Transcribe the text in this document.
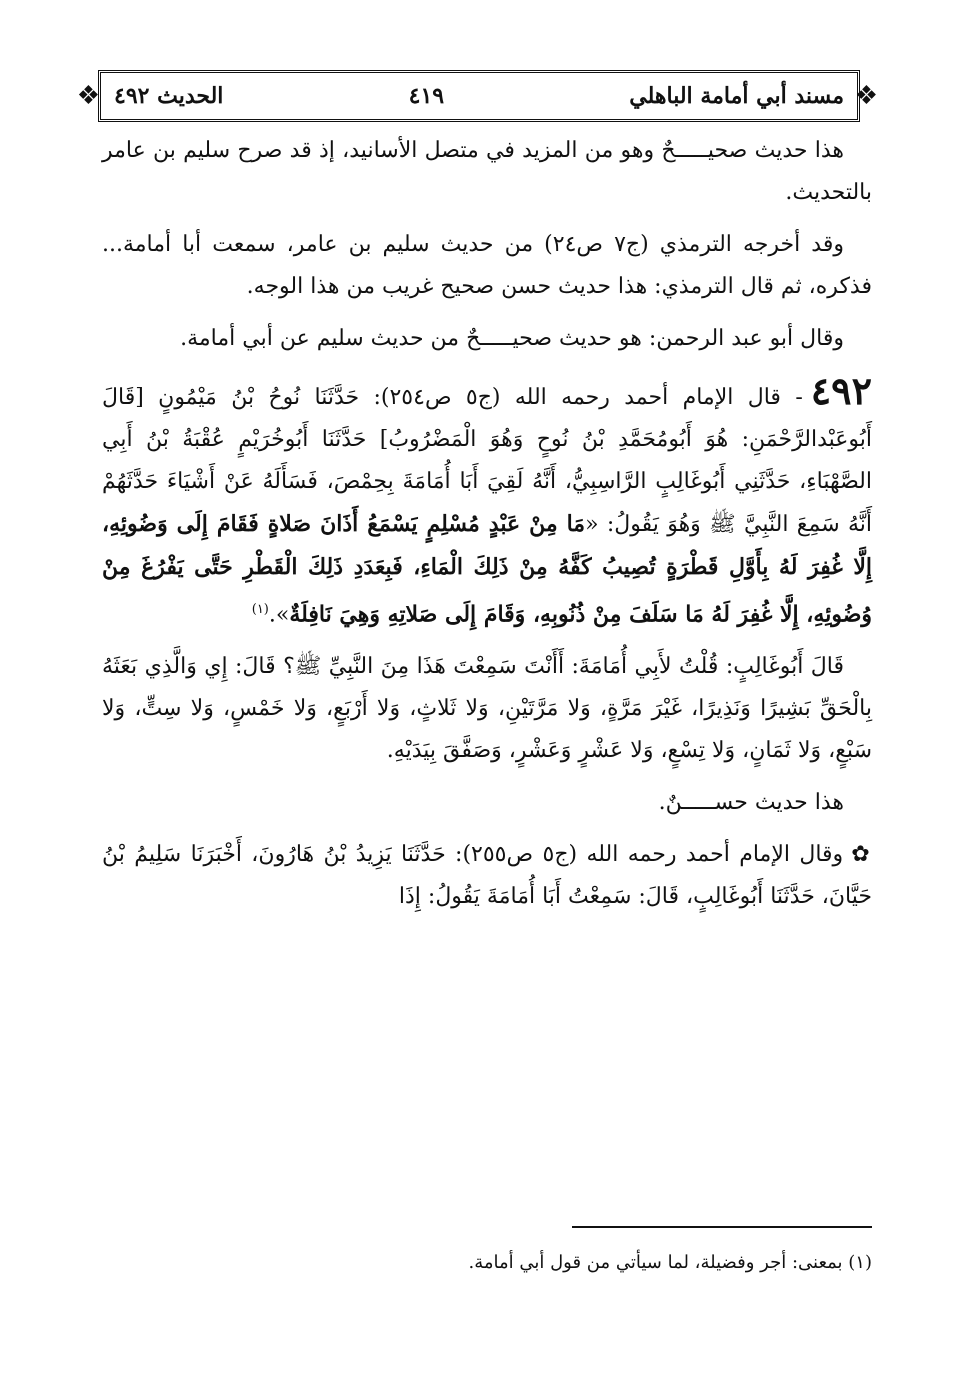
❖
❖	مسند أبي أمامة الباهلي
٤١٩
الحديث ٤٩٢

هذا حديث صحيـــــحٌ وهو من المزيد في متصل الأسانيد، إذ قد صرح سليم بن عامر بالتحديث.

وقد أخرجه الترمذي (ج٧ ص٢٤) من حديث سليم بن عامر، سمعت أبا أمامة... فذكره، ثم قال الترمذي: هذا حديث حسن صحيح غريب من هذا الوجه.

وقال أبو عبد الرحمن: هو حديث صحيـــــحٌ من حديث سليم عن أبي أمامة.

٤٩٢- قال الإمام أحمد رحمه الله (ج٥ ص٢٥٤): حَدَّثَنَا نُوحُ بْنُ مَيْمُونٍ [قَالَ أَبُوعَبْدالرَّحْمَنِ: هُوَ أَبُومُحَمَّدِ بْنُ نُوحٍ وَهُوَ الْمَضْرُوبُ] حَدَّثَنَا أَبُوخُرَيْمٍ عُقْبَةُ بْنُ أَبِي الصَّهْبَاءِ، حَدَّثَنِي أَبُوغَالِبٍ الرَّاسِبِيُّ، أَنَّهُ لَقِيَ أَبَا أُمَامَةَ بِحِمْصَ، فَسَأَلَهُ عَنْ أَشْيَاءَ حَدَّثَهُمْ أَنَّهُ سَمِعَ النَّبِيَّ ﷺ وَهُوَ يَقُولُ: «مَا مِنْ عَبْدٍ مُسْلِمٍ يَسْمَعُ أَذَانَ صَلاةٍ فَقَامَ إِلَى وَضُوئِهِ، إِلَّا غُفِرَ لَهُ بِأَوَّلِ قَطْرَةٍ تُصِيبُ كَفَّهُ مِنْ ذَلِكَ الْمَاءِ، فَبِعَدَدِ ذَلِكَ الْقَطْرِ حَتَّى يَفْرُغَ مِنْ وُضُوئِهِ، إِلَّا غُفِرَ لَهُ مَا سَلَفَ مِنْ ذُنُوبِهِ، وَقَامَ إِلَى صَلاتِهِ وَهِيَ نَافِلَةٌ».$^{(١)}$

قَالَ أَبُوغَالِبٍ: قُلْتُ لأَبِي أُمَامَةَ: أَأَنْتَ سَمِعْتَ هَذَا مِنَ النَّبِيِّ ﷺ؟ قَالَ: إِي وَالَّذِي بَعَثَهُ بِالْحَقِّ بَشِيرًا وَنَذِيرًا، غَيْرَ مَرَّةٍ، وَلا مَرَّتَيْنِ، وَلا ثَلاثٍ، وَلا أَرْبَعٍ، وَلا خَمْسٍ، وَلا سِتٍّ، وَلا سَبْعٍ، وَلا ثَمَانٍ، وَلا تِسْعٍ، وَلا عَشْرٍ وَعَشْرٍ، وَصَفَّقَ بِيَدَيْهِ.

هذا حديث حســـــنٌ.

✿وقال الإمام أحمد رحمه الله (ج٥ ص٢٥٥): حَدَّثَنَا يَزِيدُ بْنُ هَارُونَ، أَخْبَرَنَا سَلِيمُ بْنُ حَيَّانَ، حَدَّثَنَا أَبُوغَالِبٍ، قَالَ: سَمِعْتُ أَبَا أُمَامَةَ يَقُولُ: إِذَا

(١) بمعنى: أجر وفضيلة، لما سيأتي من قول أبي أمامة.
